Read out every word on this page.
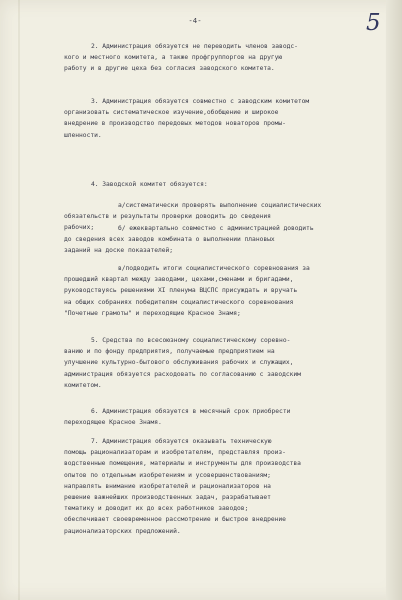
-4-	5
2. Администрация обязуется не переводить членов заводс-
кого и местного комитета, а также профгруппоргов на другую
работу и в другие цеха без согласия заводского комитета.
3. Администрация обязуется совместно с заводским комитетом
организовать систематическое изучение,обобщение и широкое
внедрение в производство передовых методов новаторов промы-
шленности.
4. Заводской комитет обязуется:
а/систематически проверять выполнение социалистических
обязательств и результаты проверки доводить до сведения
рабочих;	б/ ежеквартально совместно с администрацией доводить
до сведения всех заводов комбината о выполнении плановых
заданий на доске показателей;
в/подводить итоги социалистического соревнования за
прошедший квартал между заводами, цехами,сменами и бригадами,
руководствуясь решениями ХI пленума ВЦСПС присуждать и вручать
на общих собраниях победителям социалистического соревнования
"Почетные грамоты" и переходящие Красное Знамя;
5. Средства по всесоюзному социалистическому соревно-
ванию и по фонду предприятия, получаемые предприятием на
улучшение культурно-бытового обслуживания рабочих и служащих,
администрация обязуется расходовать по согласованию с заводским
комитетом.
6. Администрация обязуется в месячный срок приобрести
переходящее Красное Знамя.
7. Администрация обязуется оказывать техническую
помощь рационализаторам и изобретателям, представляя произ-
водственные помещения, материалы и инструменты для производства
опытов по отдельным изобретениям и усовершенствованиям;
направлять внимание изобретателей и рационализаторов на
решение важнейших производственных задач, разрабатывает
тематику и доводит их до всех работников заводов;
обеспечивает своевременное рассмотрение и быстрое внедрение
рационализаторских предложений.
